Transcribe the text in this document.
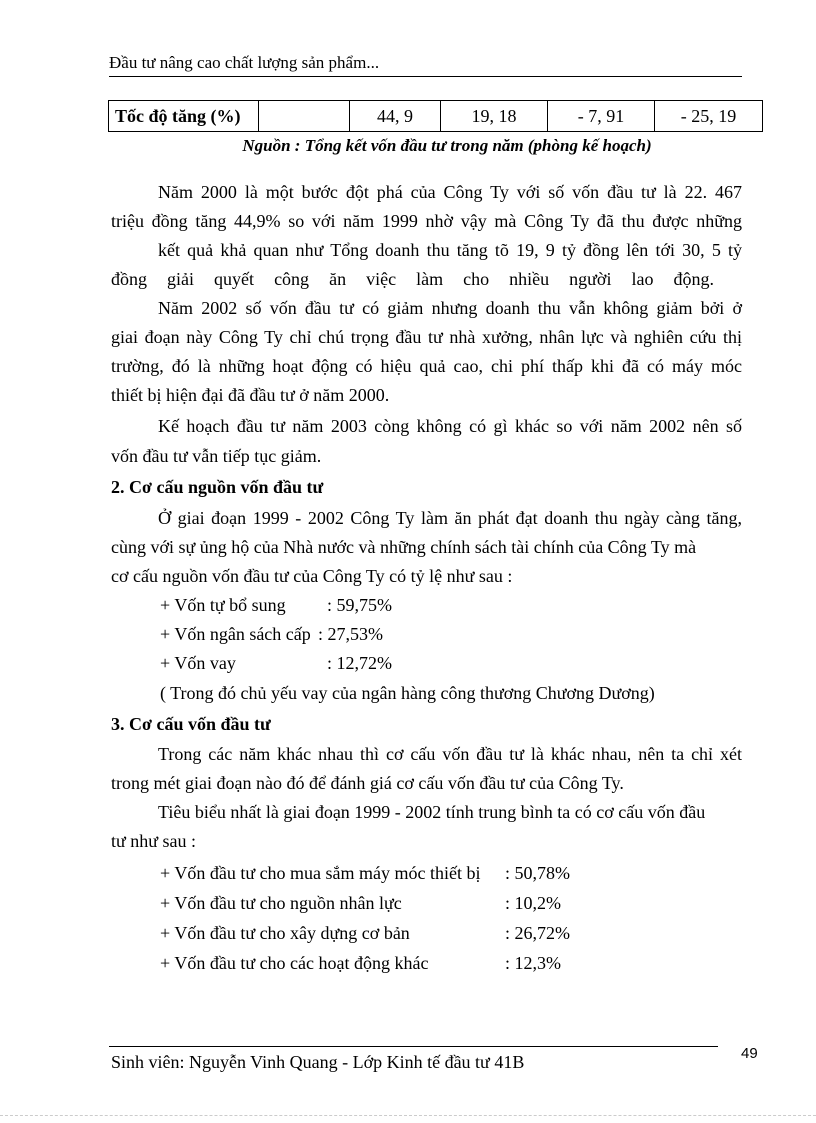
Đầu tư nâng cao chất lượng sản phẩm...
Tốc độ tăng (%)		44, 9	19, 18	- 7, 91	- 25, 19
Nguồn : Tổng kết vốn đầu tư trong năm (phòng kế hoạch)
Năm 2000 là một bước đột phá của Công Ty với số vốn đầu tư là 22. 467
triệu đồng tăng 44,9% so với năm 1999 nhờ vậy mà Công Ty đã thu được những
kết quả khả quan như Tổng doanh thu tăng tõ 19, 9 tỷ đồng lên tới 30, 5 tỷ
đồng giải quyết công ăn việc làm cho nhiều người lao động.
Năm 2002 số vốn đầu tư có giảm nhưng doanh thu vẫn không giảm bởi ở
giai đoạn này Công Ty chỉ chú trọng đầu tư nhà xưởng, nhân lực và nghiên cứu thị
trường, đó là những hoạt động có hiệu quả cao, chi phí thấp khi đã có máy móc
thiết bị hiện đại đã đầu tư ở năm 2000.
Kế hoạch đầu tư năm 2003 còng không có gì khác so với năm 2002 nên số
vốn đầu tư vẫn tiếp tục giảm.
2. Cơ cấu nguồn vốn đầu tư
Ở giai đoạn 1999 - 2002 Công Ty làm ăn phát đạt doanh thu ngày càng tăng,
cùng với sự ủng hộ của Nhà nước và những chính sách tài chính của Công Ty mà
cơ cấu nguồn vốn đầu tư của Công Ty có tỷ lệ như sau :
+ Vốn tự bổ sung : 59,75%
+ Vốn ngân sách cấp : 27,53%
+ Vốn vay	: 12,72%
( Trong đó chủ yếu vay của ngân hàng công thương Chương Dương)
3. Cơ cấu vốn đầu tư
Trong các năm khác nhau thì cơ cấu vốn đầu tư là khác nhau, nên ta chỉ xét
trong mét giai đoạn nào đó để đánh giá cơ cấu vốn đầu tư của Công Ty.
Tiêu biểu nhất là giai đoạn 1999 - 2002 tính trung bình ta có cơ cấu vốn đầu
tư như sau :
+ Vốn đầu tư cho mua sắm máy móc thiết bị : 50,78%
+ Vốn đầu tư cho nguồn nhân lực	: 10,2%
+ Vốn đầu tư cho xây dựng cơ bản	: 26,72%
+ Vốn đầu tư cho các hoạt động khác	: 12,3%
Sinh viên: Nguyễn Vinh Quang - Lớp Kinh tế đầu tư 41B	49
